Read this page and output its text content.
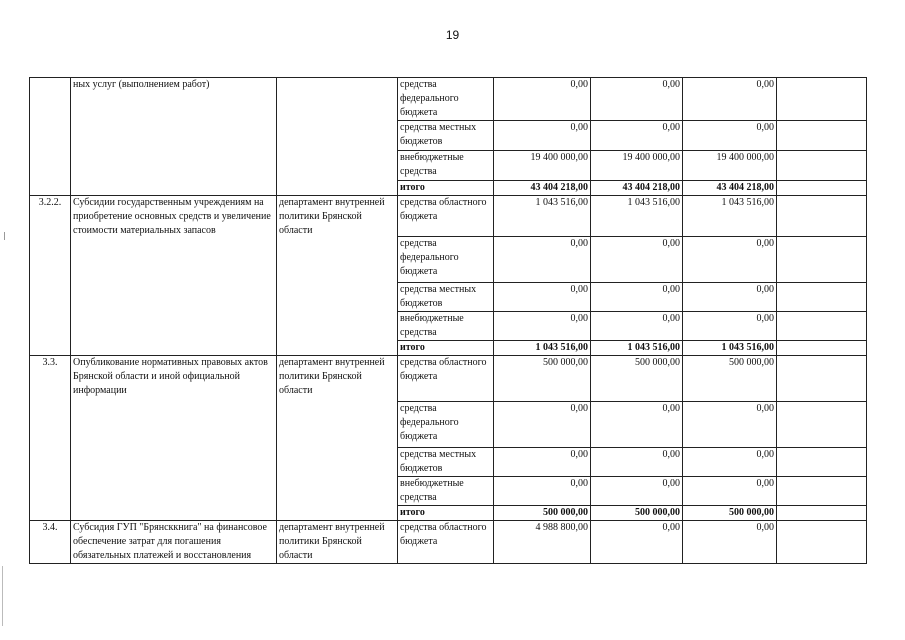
19
	ных услуг (выполнением работ)		средства федерального бюджета	0,00	0,00	0,00	
			средства местных бюджетов	0,00	0,00	0,00	
			внебюджетные средства	19 400 000,00	19 400 000,00	19 400 000,00	
			итого	43 404 218,00	43 404 218,00	43 404 218,00	
3.2.2.	Субсидии государственным учреждениям на приобретение основных средств и увеличение стоимости материальных запасов	департамент внутренней политики Брянской области	средства областного бюджета	1 043 516,00	1 043 516,00	1 043 516,00	
			средства федерального бюджета	0,00	0,00	0,00	
			средства местных бюджетов	0,00	0,00	0,00	
			внебюджетные средства	0,00	0,00	0,00	
			итого	1 043 516,00	1 043 516,00	1 043 516,00	
3.3.	Опубликование нормативных правовых актов Брянской области и иной официальной информации	департамент внутренней политики Брянской области	средства областного бюджета	500 000,00	500 000,00	500 000,00	
			средства федерального бюджета	0,00	0,00	0,00	
			средства местных бюджетов	0,00	0,00	0,00	
			внебюджетные средства	0,00	0,00	0,00	
			итого	500 000,00	500 000,00	500 000,00	
3.4.	Субсидия ГУП "Брянсккнига" на финансовое обеспечение затрат для погашения обязательных платежей и восстановления	департамент внутренней политики Брянской области	средства областного бюджета	4 988 800,00	0,00	0,00	
